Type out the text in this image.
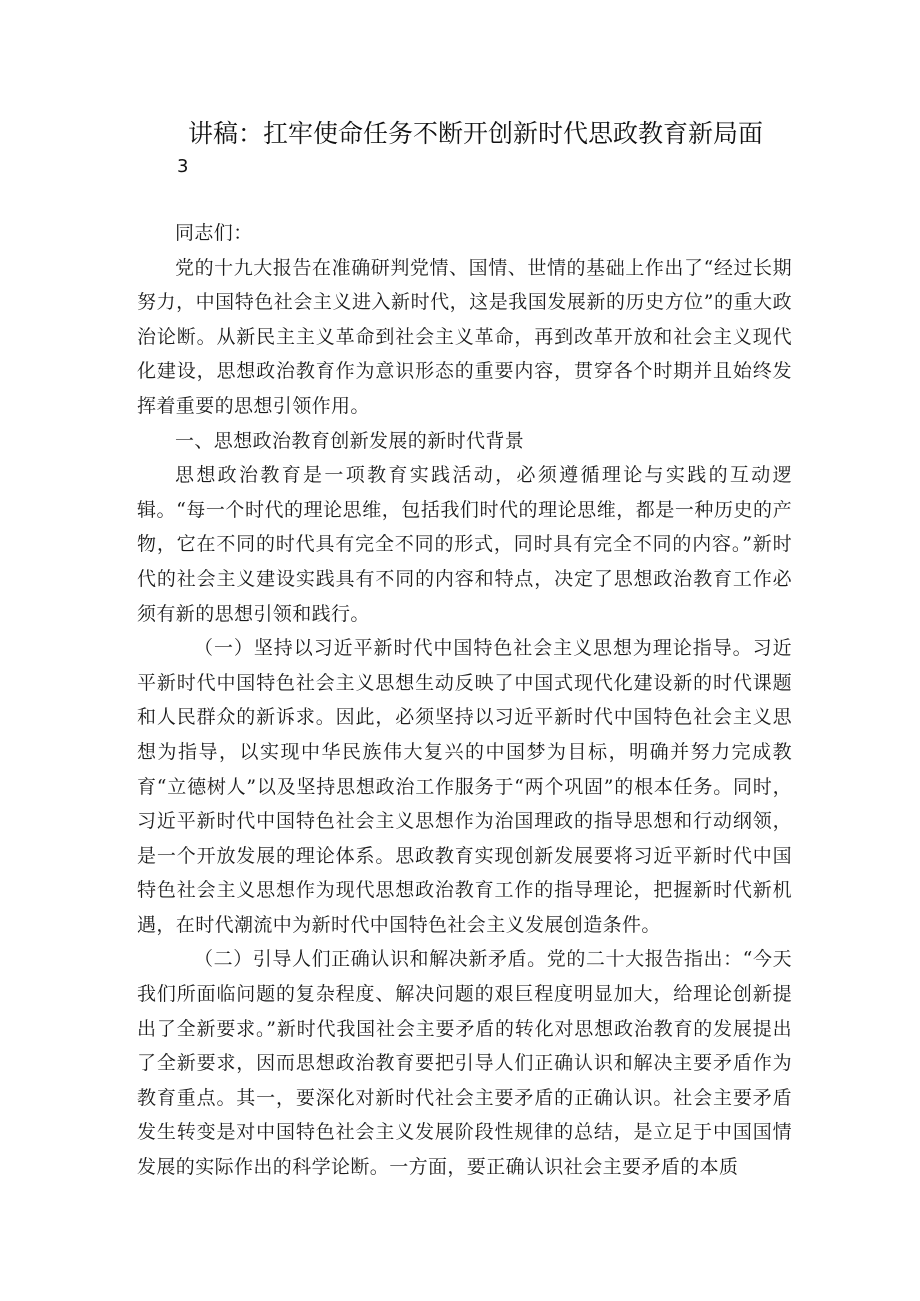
讲稿：扛牢使命任务不断开创新时代思政教育新局面
3

同志们：

党的十九大报告在准确研判党情、国情、世情的基础上作出了“经过长期努力，中国特色社会主义进入新时代，这是我国发展新的历史方位”的重大政治论断。从新民主主义革命到社会主义革命，再到改革开放和社会主义现代化建设，思想政治教育作为意识形态的重要内容，贯穿各个时期并且始终发挥着重要的思想引领作用。

一、思想政治教育创新发展的新时代背景

思想政治教育是一项教育实践活动，必须遵循理论与实践的互动逻辑。“每一个时代的理论思维，包括我们时代的理论思维，都是一种历史的产物，它在不同的时代具有完全不同的形式，同时具有完全不同的内容。”新时代的社会主义建设实践具有不同的内容和特点，决定了思想政治教育工作必须有新的思想引领和践行。

（一）坚持以习近平新时代中国特色社会主义思想为理论指导。习近平新时代中国特色社会主义思想生动反映了中国式现代化建设新的时代课题和人民群众的新诉求。因此，必须坚持以习近平新时代中国特色社会主义思想为指导，以实现中华民族伟大复兴的中国梦为目标，明确并努力完成教育“立德树人”以及坚持思想政治工作服务于“两个巩固”的根本任务。同时，习近平新时代中国特色社会主义思想作为治国理政的指导思想和行动纲领，是一个开放发展的理论体系。思政教育实现创新发展要将习近平新时代中国特色社会主义思想作为现代思想政治教育工作的指导理论，把握新时代新机遇，在时代潮流中为新时代中国特色社会主义发展创造条件。

（二）引导人们正确认识和解决新矛盾。党的二十大报告指出：“今天我们所面临问题的复杂程度、解决问题的艰巨程度明显加大，给理论创新提出了全新要求。”新时代我国社会主要矛盾的转化对思想政治教育的发展提出了全新要求，因而思想政治教育要把引导人们正确认识和解决主要矛盾作为教育重点。其一，要深化对新时代社会主要矛盾的正确认识。社会主要矛盾发生转变是对中国特色社会主义发展阶段性规律的总结，是立足于中国国情发展的实际作出的科学论断。一方面，要正确认识社会主要矛盾的本质
